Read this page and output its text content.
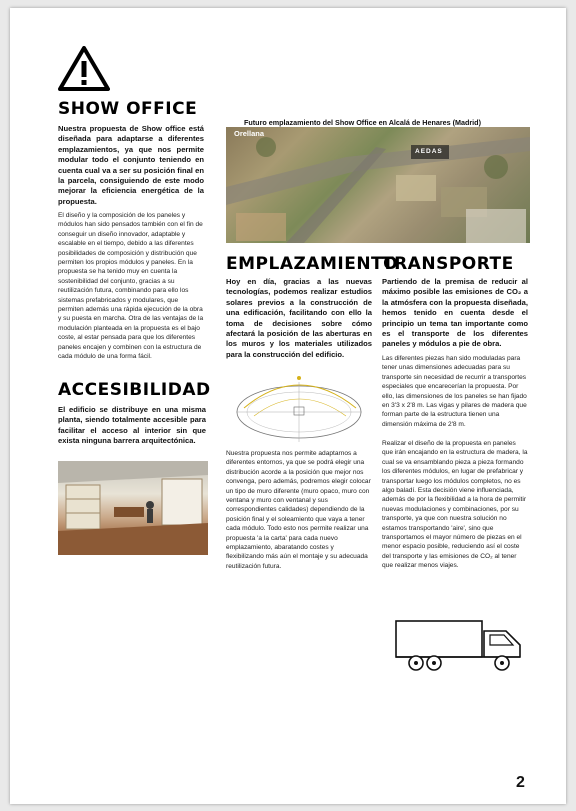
SHOW OFFICE

Nuestra propuesta de Show office está diseñada para adaptarse a diferentes emplazamientos, ya que nos permite modular todo el conjunto teniendo en cuenta cual va a ser su posición final en la parcela, consiguiendo de este modo mejorar la eficiencia energética de la propuesta.

El diseño y la composición de los paneles y módulos han sido pensados también con el fin de conseguir un diseño innovador, adaptable y escalable en el tiempo, debido a las diferentes posibilidades de composición y distribución que permiten los propios módulos y paneles. En la propuesta se ha tenido muy en cuenta la sostenibilidad del conjunto, gracias a su reutilización futura, combinando para ello los sistemas prefabricados y modulares, que permiten además una rápida ejecución de la obra y su puesta en marcha. Otra de las ventajas de la modulación planteada en la propuesta es el bajo coste, al estar pensada para que los diferentes paneles encajen y combinen con la estructura de cada módulo de una forma fácil.

ACCESIBILIDAD

El edificio se distribuye en una misma planta, siendo totalmente accesible para facilitar el acceso al interior sin que exista ninguna barrera arquitectónica.

Futuro emplazamiento del Show Office en Alcalá de Henares (Madrid)
Orellana
AEDAS
EMPLAZAMIENTO

Hoy en día, gracias a las nuevas tecnologías, podemos realizar estudios solares previos a la construcción de una edificación, facilitando con ello la toma de decisiones sobre cómo afectará la posición de las aberturas en los muros y los materiales utilizados para la construcción del edificio.

Nuestra propuesta nos permite adaptarnos a diferentes entornos, ya que se podrá elegir una distribución acorde a la posición que mejor nos convenga, pero además, podremos elegir colocar un tipo de muro diferente (muro opaco, muro con ventana y muro con ventanal y sus correspondientes calidades) dependiendo de la posición final y el soleamiento que vaya a tener cada módulo. Todo esto nos permite realizar una propuesta 'a la carta' para cada nuevo emplazamiento, abaratando costes y flexibilizando más aún el montaje y su adecuada reutilización futura.

TRANSPORTE

Partiendo de la premisa de reducir al máximo posible las emisiones de CO₂ a la atmósfera con la propuesta diseñada, hemos tenido en cuenta desde el principio un tema tan importante como es el transporte de los diferentes paneles y módulos a pie de obra.

Las diferentes piezas han sido moduladas para tener unas dimensiones adecuadas para su transporte sin necesidad de recurrir a transportes especiales que encarecerían la propuesta. Por ello, las dimensiones de los paneles se han fijado en 3'3 x 2'8 m. Las vigas y pilares de madera que forman parte de la estructura tienen una dimensión máxima de 2'8 m.

Realizar el diseño de la propuesta en paneles que irán encajando en la estructura de madera, la cual se va ensamblando pieza a pieza formando los diferentes módulos, en lugar de prefabricar y transportar luego los módulos completos, no es algo baladí. Esta decisión viene influenciada, además de por la flexibilidad a la hora de permitir nuevas modulaciones y combinaciones, por su transporte, ya que con nuestra solución no estamos transportando 'aire', sino que transportamos el mayor número de piezas en el menor espacio posible, reduciendo así el coste del transporte y las emisiones de CO₂ al tener que realizar menos viajes.

2
